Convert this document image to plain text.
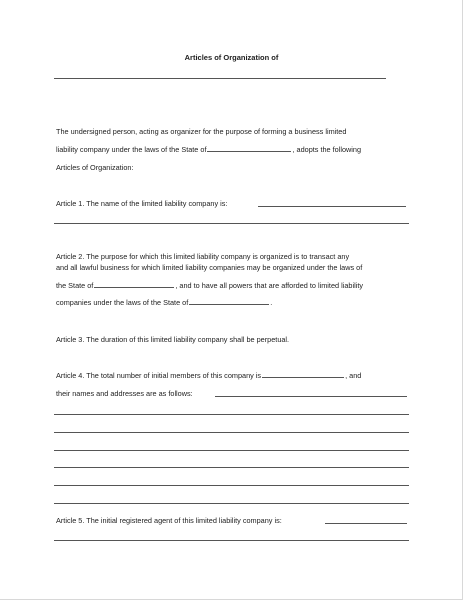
Articles of Organization of
The undersigned person, acting as organizer for the purpose of forming a business limited
liability company under the laws of the State of	, adopts the following
Articles of Organization:
Article 1. The name of the limited liability company is:
Article 2. The purpose for which this limited liability company is organized is to transact any
and all lawful business for which limited liability companies may be organized under the laws of
the State of	, and to have all powers that are afforded to limited liability
companies under the laws of the State of	.
Article 3. The duration of this limited liability company shall be perpetual.
Article 4. The total number of initial members of this company is	, and
their names and addresses are as follows:
Article 5. The initial registered agent of this limited liability company is:
